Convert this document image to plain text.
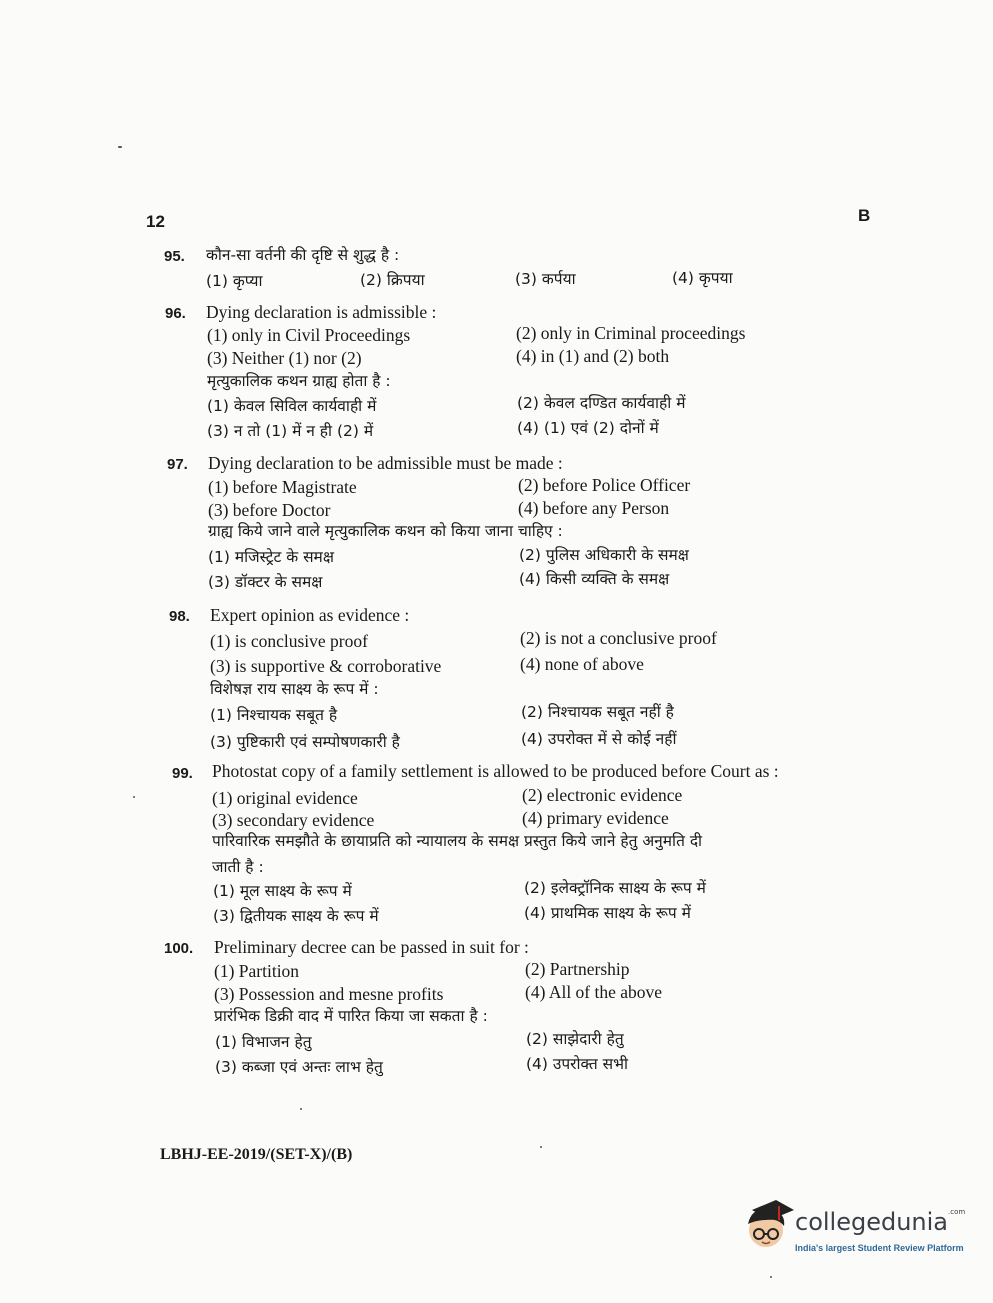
12	B
95. कौन-सा वर्तनी की दृष्टि से शुद्ध है :
(1) कृप्या	(2) क्रिपया	(3) कर्पया	(4) कृपया
96. Dying declaration is admissible :
(1) only in Civil Proceedings	(2) only in Criminal proceedings
(3) Neither (1) nor (2)	(4) in (1) and (2) both
मृत्युकालिक कथन ग्राह्य होता है :
(1) केवल सिविल कार्यवाही में	(2) केवल दण्डित कार्यवाही में
(3) न तो (1) में न ही (2) में	(4) (1) एवं (2) दोनों में
97. Dying declaration to be admissible must be made :
(1) before Magistrate	(2) before Police Officer
(3) before Doctor	(4) before any Person
ग्राह्य किये जाने वाले मृत्युकालिक कथन को किया जाना चाहिए :
(1) मजिस्ट्रेट के समक्ष	(2) पुलिस अधिकारी के समक्ष
(3) डॉक्टर के समक्ष	(4) किसी व्यक्ति के समक्ष
98. Expert opinion as evidence :
(1) is conclusive proof	(2) is not a conclusive proof
(3) is supportive & corroborative	(4) none of above
विशेषज्ञ राय साक्ष्य के रूप में :
(1) निश्चायक सबूत है	(2) निश्चायक सबूत नहीं है
(3) पुष्टिकारी एवं सम्पोषणकारी है	(4) उपरोक्त में से कोई नहीं
99. Photostat copy of a family settlement is allowed to be produced before Court as :
(1) original evidence	(2) electronic evidence
(3) secondary evidence	(4) primary evidence
पारिवारिक समझौते के छायाप्रति को न्यायालय के समक्ष प्रस्तुत किये जाने हेतु अनुमति दी
जाती है :
(1) मूल साक्ष्य के रूप में	(2) इलेक्ट्रॉनिक साक्ष्य के रूप में
(3) द्वितीयक साक्ष्य के रूप में	(4) प्राथमिक साक्ष्य के रूप में
100. Preliminary decree can be passed in suit for :
(1) Partition	(2) Partnership
(3) Possession and mesne profits	(4) All of the above
प्रारंभिक डिक्री वाद में पारित किया जा सकता है :
(1) विभाजन हेतु	(2) साझेदारी हेतु
(3) कब्जा एवं अन्तः लाभ हेतु	(4) उपरोक्त सभी
LBHJ-EE-2019/(SET-X)/(B)
collegedunia$^{.com}$
India's largest Student Review Platform
